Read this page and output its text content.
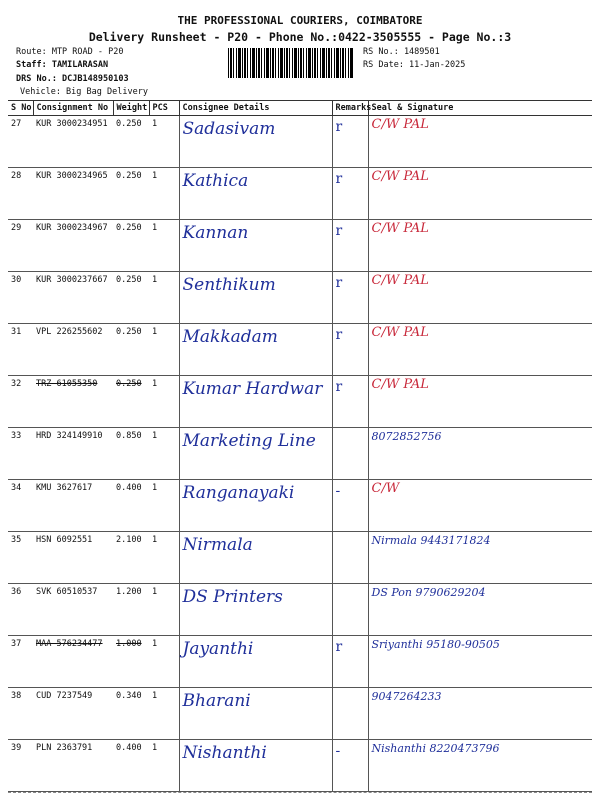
THE PROFESSIONAL COURIERS, COIMBATORE
Delivery Runsheet - P20 - Phone No.:0422-3505555 - Page No.:3
Route: MTP ROAD - P20
Staff: TAMILARASAN
DRS No.: DCJB148950103
Vehicle: Big Bag Delivery
RS No.: 1489501
RS Date: 11-Jan-2025
S No	Consignment No	Weight	PCS	Consignee Details	Remarks	Seal & Signature
27	KUR 3000234951	0.250	1	Sadasivam	r	C/W PAL
28	KUR 3000234965	0.250	1	Kathica	r	C/W PAL
29	KUR 3000234967	0.250	1	Kannan	r	C/W PAL
30	KUR 3000237667	0.250	1	Senthikum	r	C/W PAL
31	VPL 226255602	0.250	1	Makkadam	r	C/W PAL
32	TRZ 61055350	0.250	1	Kumar Hardwar	r	C/W PAL
33	HRD 324149910	0.850	1	Marketing Line		8072852756
34	KMU 3627617	0.400	1	Ranganayaki	-	C/W
35	HSN 6092551	2.100	1	Nirmala		Nirmala 9443171824
36	SVK 60510537	1.200	1	DS Printers		DS Pon 9790629204
37	MAA 576234477	1.000	1	Jayanthi	r	Sriyanthi 95180-90505
38	CUD 7237549	0.340	1	Bharani		9047264233
39	PLN 2363791	0.400	1	Nishanthi	-	Nishanthi 8220473796
